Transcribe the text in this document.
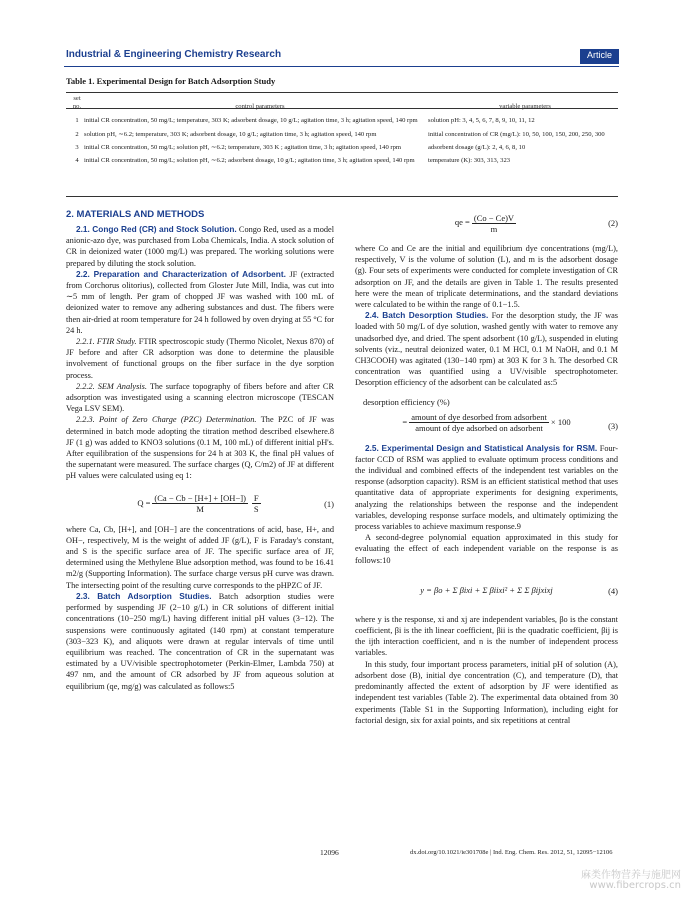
Industrial & Engineering Chemistry Research	Article
Table 1. Experimental Design for Batch Adsorption Study
set
no.	control parameters	variable parameters
1	initial CR concentration, 50 mg/L; temperature, 303 K; adsorbent dosage, 10 g/L; agitation time, 3 h; agitation speed, 140 rpm	solution pH: 3, 4, 5, 6, 7, 8, 9, 10, 11, 12
2	solution pH, ∼6.2; temperature, 303 K; adsorbent dosage, 10 g/L; agitation time, 3 h; agitation speed, 140 rpm	initial concentration of CR (mg/L): 10, 50, 100, 150, 200, 250, 300
3	initial CR concentration, 50 mg/L; solution pH, ∼6.2; temperature, 303 K ; agitation time, 3 h; agitation speed, 140 rpm	adsorbent dosage (g/L): 2, 4, 6, 8, 10
4	initial CR concentration, 50 mg/L; solution pH, ∼6.2; adsorbent dosage, 10 g/L; agitation time, 3 h; agitation speed, 140 rpm	temperature (K): 303, 313, 323
2. MATERIALS AND METHODS

2.1. Congo Red (CR) and Stock Solution. Congo Red, used as a model anionic-azo dye, was purchased from Loba Chemicals, India. A stock solution of CR in deionized water (1000 mg/L) was prepared. The working solutions were prepared by diluting the stock solution.

2.2. Preparation and Characterization of Adsorbent. JF (extracted from Corchorus olitorius), collected from Gloster Jute Mill, India, was cut into ∼5 mm of length. Per gram of chopped JF was washed with 100 mL of deionized water to remove any adhering substances and dust. The fibers were then air-dried at room temperature for 24 h followed by oven drying at 55 °C for 24 h.

2.2.1. FTIR Study. FTIR spectroscopic study (Thermo Nicolet, Nexus 870) of JF before and after CR adsorption was done to determine the plausible involvement of functional groups on the fiber surface in the dye sorption process.

2.2.2. SEM Analysis. The surface topography of fibers before and after CR adsorption was investigated using a scanning electron microscope (TESCAN Vega LSV SEM).

2.2.3. Point of Zero Charge (PZC) Determination. The PZC of JF was determined in batch mode adopting the titration method described elsewhere.8 JF (1 g) was added to KNO3 solutions (0.1 M, 100 mL) of different initial pH's. After equilibration of the suspensions for 24 h at 303 K, the final pH values of the supernatant were measured. The surface charges (Q, C/m2) of JF at different pH values were calculated using eq 1:

$Q = \frac{(Ca - Cb - [H+] + [OH-])}{M} \frac{F}{S}$	(1)

where Ca, Cb, [H+], and [OH−] are the concentrations of acid, base, H+, and OH−, respectively, M is the weight of added JF (g/L), F is Faraday's constant, and S is the specific surface area of JF. The specific surface area of JF, determined using the Methylene Blue adsorption method, was found to be 16.41 m2/g (Supporting Information). The surface charge versus pH curve was drawn. The intersecting point of the resulting curve corresponds to the pHPZC of JF.

2.3. Batch Adsorption Studies. Batch adsorption studies were performed by suspending JF (2−10 g/L) in CR solutions of different initial concentrations (10−250 mg/L) having different initial pH values (3−12). The suspensions were continuously agitated (140 rpm) at constant temperature (303−323 K), and aliquots were drawn at regular intervals of time until equilibrium was reached. The concentration of CR in the supernatant was estimated by a UV/visible spectrophotometer (Perkin-Elmer, Lambda 750) at 497 nm, and the amount of CR adsorbed by JF from aqueous solution at equilibrium (qe, mg/g) was calculated as follows:5

qe = $\frac{(Co - Ce)V}{m}$	(2)

where Co and Ce are the initial and equilibrium dye concentrations (mg/L), respectively, V is the volume of solution (L), and m is the adsorbent dosage (g). Four sets of experiments were conducted for complete investigation of CR adsorption on JF, and the details are given in Table 1. The results presented here were the mean of triplicate determinations, and the standard deviations were calculated to be within the range of 0.1−1.5.

2.4. Batch Desorption Studies. For the desorption study, the JF was loaded with 50 mg/L of dye solution, washed gently with water to remove any unadsorbed dye, and dried. The spent adsorbent (10 g/L), suspended in eluting solvents (viz., neutral deionized water, 0.1 M HCl, 0.1 M NaOH, and 0.1 M CH3COOH) was agitated (130−140 rpm) at 303 K for 3 h. The desorbed CR concentration was quantified using a UV/visible spectrophotometer. Desorption efficiency of the adsorbent can be calculated as:5

desorption efficiency (%)
= $\frac{\text{amount of dye desorbed from adsorbent}}{\text{amount of dye adsorbed on adsorbent}} \times 100$	(3)

2.5. Experimental Design and Statistical Analysis for RSM. Four-factor CCD of RSM was applied to evaluate optimum process conditions and the individual and combined effects of the independent test variables on the response (adsorption capacity). RSM is an efficient statistical method that uses quantitative data of appropriate experiments for designing experiments, analyzing the relationships between the response and the independent variables, developing response surface models, and ultimately optimizing the process variables to achieve maximum response.9

A second-degree polynomial equation approximated in this study for evaluating the effect of each independent variable on the response is as follows:10

y = βo + Σ βixi + Σ βiixi² + Σ Σ βijxixj	(4)

where y is the response, xi and xj are independent variables, βo is the constant coefficient, βi is the ith linear coefficient, βii is the quadratic coefficient, βij is the ijth interaction coefficient, and n is the number of independent process variables.

In this study, four important process parameters, initial pH of solution (A), adsorbent dose (B), initial dye concentration (C), and temperature (D), that predominantly affected the extent of adsorption by JF were identified as independent test variables (Table 2). The experimental data obtained from 30 experiments (Table S1 in the Supporting Information), including eight for factorial design, six for axial points, and six repetitions at central

12096	dx.doi.org/10.1021/ie301708e | Ind. Eng. Chem. Res. 2012, 51, 12095−12106
麻类作物营养与施肥网
www.fibercrops.cn
